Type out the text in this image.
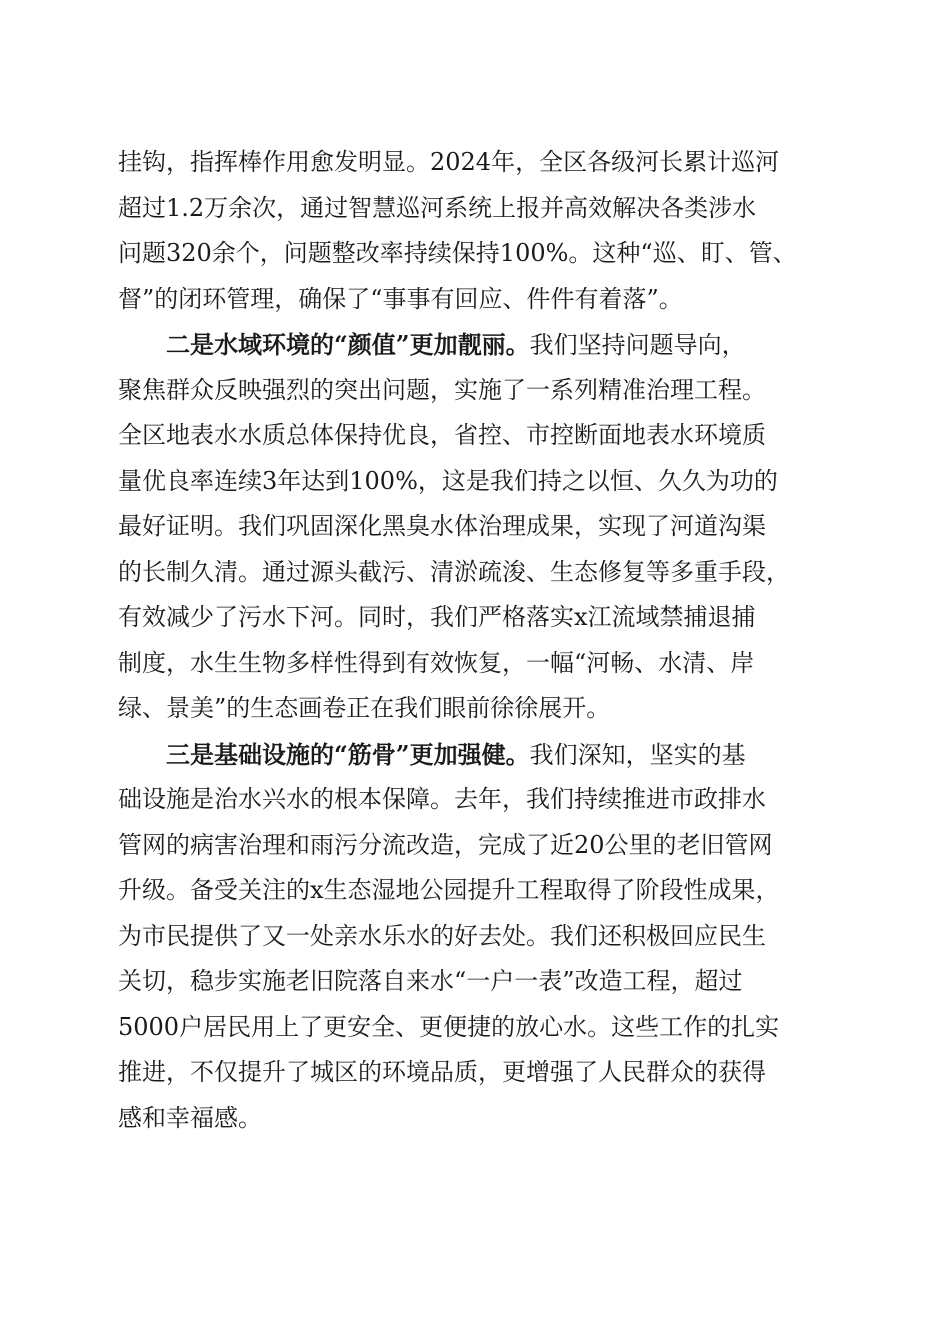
挂钩，指挥棒作用愈发明显。2024年，全区各级河长累计巡河
超过1.2万余次，通过智慧巡河系统上报并高效解决各类涉水
问题320余个，问题整改率持续保持100%。这种“巡、盯、管、
督”的闭环管理，确保了“事事有回应、件件有着落”。
二是水域环境的“颜值”更加靓丽。我们坚持问题导向，
聚焦群众反映强烈的突出问题，实施了一系列精准治理工程。
全区地表水水质总体保持优良，省控、市控断面地表水环境质
量优良率连续3年达到100%，这是我们持之以恒、久久为功的
最好证明。我们巩固深化黑臭水体治理成果，实现了河道沟渠
的长制久清。通过源头截污、清淤疏浚、生态修复等多重手段，
有效减少了污水下河。同时，我们严格落实x江流域禁捕退捕
制度，水生生物多样性得到有效恢复，一幅“河畅、水清、岸
绿、景美”的生态画卷正在我们眼前徐徐展开。
三是基础设施的“筋骨”更加强健。我们深知，坚实的基
础设施是治水兴水的根本保障。去年，我们持续推进市政排水
管网的病害治理和雨污分流改造，完成了近20公里的老旧管网
升级。备受关注的x生态湿地公园提升工程取得了阶段性成果，
为市民提供了又一处亲水乐水的好去处。我们还积极回应民生
关切，稳步实施老旧院落自来水“一户一表”改造工程，超过
5000户居民用上了更安全、更便捷的放心水。这些工作的扎实
推进，不仅提升了城区的环境品质，更增强了人民群众的获得
感和幸福感。
